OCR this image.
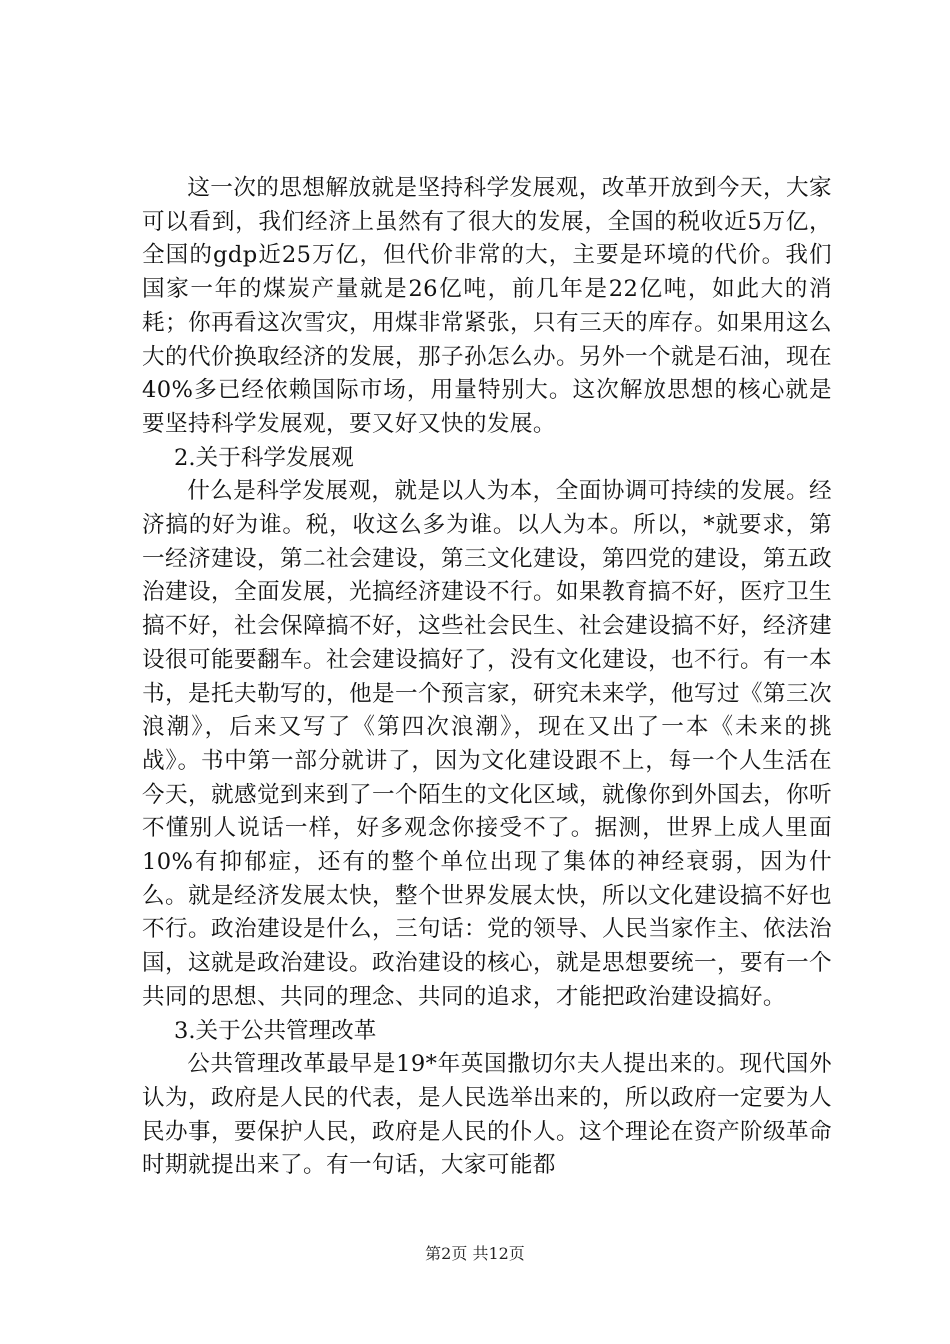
这一次的思想解放就是坚持科学发展观，改革开放到今天，大家可以看到，我们经济上虽然有了很大的发展，全国的税收近5万亿，全国的gdp近25万亿，但代价非常的大，主要是环境的代价。我们国家一年的煤炭产量就是26亿吨，前几年是22亿吨，如此大的消耗；你再看这次雪灾，用煤非常紧张，只有三天的库存。如果用这么大的代价换取经济的发展，那子孙怎么办。另外一个就是石油，现在40%多已经依赖国际市场，用量特别大。这次解放思想的核心就是要坚持科学发展观，要又好又快的发展。

2.关于科学发展观

什么是科学发展观，就是以人为本，全面协调可持续的发展。经济搞的好为谁。税，收这么多为谁。以人为本。所以，*就要求，第一经济建设，第二社会建设，第三文化建设，第四党的建设，第五政治建设，全面发展，光搞经济建设不行。如果教育搞不好，医疗卫生搞不好，社会保障搞不好，这些社会民生、社会建设搞不好，经济建设很可能要翻车。社会建设搞好了，没有文化建设，也不行。有一本书，是托夫勒写的，他是一个预言家，研究未来学，他写过《第三次浪潮》，后来又写了《第四次浪潮》，现在又出了一本《未来的挑战》。书中第一部分就讲了，因为文化建设跟不上，每一个人生活在今天，就感觉到来到了一个陌生的文化区域，就像你到外国去，你听不懂别人说话一样，好多观念你接受不了。据测，世界上成人里面10%有抑郁症，还有的整个单位出现了集体的神经衰弱，因为什么。就是经济发展太快，整个世界发展太快，所以文化建设搞不好也不行。政治建设是什么，三句话：党的领导、人民当家作主、依法治国，这就是政治建设。政治建设的核心，就是思想要统一，要有一个共同的思想、共同的理念、共同的追求，才能把政治建设搞好。

3.关于公共管理改革

公共管理改革最早是19*年英国撒切尔夫人提出来的。现代国外认为，政府是人民的代表，是人民选举出来的，所以政府一定要为人民办事，要保护人民，政府是人民的仆人。这个理论在资产阶级革命时期就提出来了。有一句话，大家可能都

第2页 共12页
